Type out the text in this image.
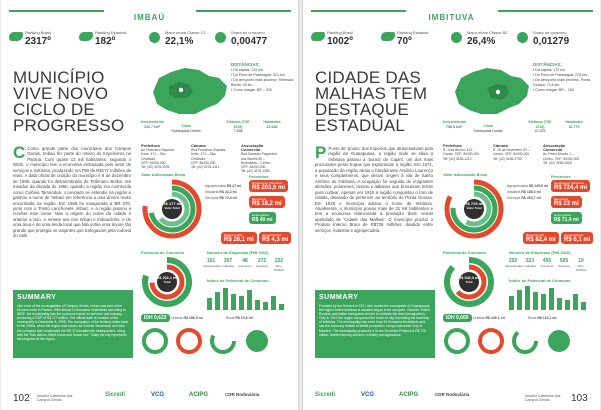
IMBAÚ
Ranking Brasil
2317º
Ranking Estadual
182º
Maior share Classe C1
22,1%
Share do consumo
0,00477
MUNICÍPIO VIVE NOVO CICLO DE PROGRESSO
DISTÂNCIAS:
• Da capital: 222 km
• Do Porto de Paranaguá: 321 km
• Do aeroporto mais próximo, Telêmaco Borba: 25 km
• Como chegar: BR – 376
Área territorial
330,7 km²	Clima
Subtropical Úmido
Eleitores (TSE 2016)
7.698
Habitantes
12.636
Prefeitura
Av. Francisco Siqueira
Kortz, 471 – São Cristóvão.
CEP: 84250-000.
Tel: (42) 3276-1199.
Câmara
Rua Francisco Siqueira
Kortz, 472 – São Cristóvão.
CEP: 84250-000.
Tel: (42) 3276-1311.
Associação Comercial
Rua Salvador Fagundes
dos Santos 50 –
Rodoviária – Centro.
CEP: 84250-000.
Tel: (42) 3276-1280.
C Como grande parte dos municípios dos Campos Gerais, Imbaú fez parte do roteiro do tropeirismo no Paraná. Com quase 13 mil habitantes, segundo o IBGE, o município tem a economia embasada pelo setor de serviços e indústria, produzindo um PIB de R$177 milhões de reais. A data oficial de criação do município é 8 de dezembro de 1995, quando foi desmembrado de Telêmaco Borba. Até meados da década de 1960, quando a região era conhecida como Colônia Tamanduá, o povoado se estendia na região e ganhou o nome de 'Imbaú' em referência a uma árvore muito encontrada na região. Em 1965 foi inaugurada a BR 376, junto com o 'Posto Lanchonete Imbaú', e a região passou a receber este nome. Mas a origem do nome da cidade é anterior a isso, e remete aos rios Imbaú e Imbauzinho, e de uma área é de uma lenda local que fala sobre uma árvore tão grande que protegia os viajantes que trafegavam pela rodovia do café.
Valor Adicionado Bruto
R$ 177 mi
Valor Total
Agropecuária R$ 47 mi
Indústria R$ 42,2 mi
Serviços R$ 72,4 mi
Proventos
Rendimento Tributável
R$ 203,6 mi
Benefícios
R$ 16,2 mi
Empregados
R$ 40 mi
Bolsa Família
R$ 26,1 mi
Aposentadoria
R$ 4,3 mi
Potencial de Consumo
R$ 202,1 mi
Total
Número de Empresas (PIB 2016)
161
Agropecuária
307
Indústria
48
Comércio
272
Serviços
222
Adm. Pública
Índice de Potencial de Consumo
SUMMARY
Like most of the municipalities of Campos Gerais, Imbaú was part of the Drovers route in Paraná. With almost 13 thousand inhabitants according to IBGE, the municipality has the economy based on services and industry, producing a GDP of R$ 177 million. The official date of creation of the municipality is December 8, 1995. The occupation of the territory dates back to the 1960s, when the region was known as Colônia Tamanduá, and later the company that constructed the BR 376 installed its headquarters, along with the 'Gas station, Black horse and Snack bar'. Today the city represents the progress of the region.
IDH 0,622	Urbana R$ 186,5 mi	Rural R$ 15,5 mi
102 Anuário Caminhos dos Campos Gerais
Sicredi	VCG	ACIPG	CDR Rodoviária
IMBITUVA
Ranking Brasil
1002º
Ranking Estadual
70º
Maior share Classe B2
26,4%
Share do consumo
0,01279
CIDADE DAS MALHAS TEM DESTAQUE ESTADUAL
DISTÂNCIAS:
• Da capital: 170 km
• Do Porto de Paranaguá: 278 km
• Do aeroporto mais próximo, Ponta Grossa: 73,6 km
• Como chegar: BR – 153
Área territorial
756,5 km²	Clima
Subtropical Úmido
Eleitores (TSE 2016)
22.323
Habitantes
32.779
Prefeitura
R. José Brunel, 412 –
Centro. CEP: 84430-000.
Tel: (42) 3436-1212.
Câmara
R. 25 de Novembro, 81 –
Centro. CEP: 84430-000.
Tel: (42) 3436-1752.
Associação Comercial
Av. Pedro Afonso 1 –
Centro. CEP: 84430-000.
Tel: (42) 3436-2525.
P Ponto de 'pouso' dos tropeiros que atravessavam pela região do Guarapuava, a região onde se situa a Imbituva passou a 'pouso' de Cupim, um dos mais procurados pelos tropas que exploravam a região. Em 1871, a população da região atraiu o bandeirante Antônio Lourenço e seus companheiros, que deram origem à vila de Santo Antônio do Imbituva. A ocupação foi seguida de imigrantes alemães, poloneses, russos e italianos que buscavam terras para cultivar. Apenas em 1910 a região conquistou o foro de cidade, deixando de pertencer ao território de Ponta Grossa. Em 1929 o município adotou o nome de Imbituva. Atualmente, o município possui mais de 31 mil habitantes e tem a economia relacionada à produção têxtil, sendo apelidado de 'Cidade das Malhas'. O município produz o Produto Interno Bruto de R$725 milhões, dividido entre serviços, indústria e agropecuária.
Valor Adicionado Bruto
R$ 725 mi
Valor Total
Agropecuária R$ 145,6 mi
Indústria R$ 188,3 mi
Serviços R$ 263,7 mi
Proventos
Rendimento Tributável
R$ 724,4 mi
Benefícios
R$ 23 mi
Empregados
R$ 71,4 mi
Bolsa Família
R$ 82,4 mi
Aposentadoria
R$ 6,1 mi
Potencial de Consumo
R$ 542,3 mi
Total
Número de Empresas (PIB 2016)
202
Agropecuária
523
Indústria
455
Comércio
565
Serviços
10
Adm. Pública
Índice de Potencial de Consumo
SUMMARY
Founded by the Drovers in 1871 who toured the countryside of Guarapuava, the region where Imbituva is situated began to be occupied. German, Polish, Russian and Italian immigrants arrived to cultivate the land (immigration). Only in 1910 the region conquered the forum to city, becoming the township of Imbituva. The municipality has more than 31 thousand inhabitants and has the economy related to textile production, being nicknamed 'City of Meshes'. The municipality produces a Gross Domestic Product of R$ 725 million, divided among services, industry and agriculture.
IDH 0,660	Urbana R$ 426,1 mi	Rural R$ 116,2 mi
Anuário Caminhos dos Campos Gerais	103
Sicredi	VCG	ACIPG	CDR Rodoviária
